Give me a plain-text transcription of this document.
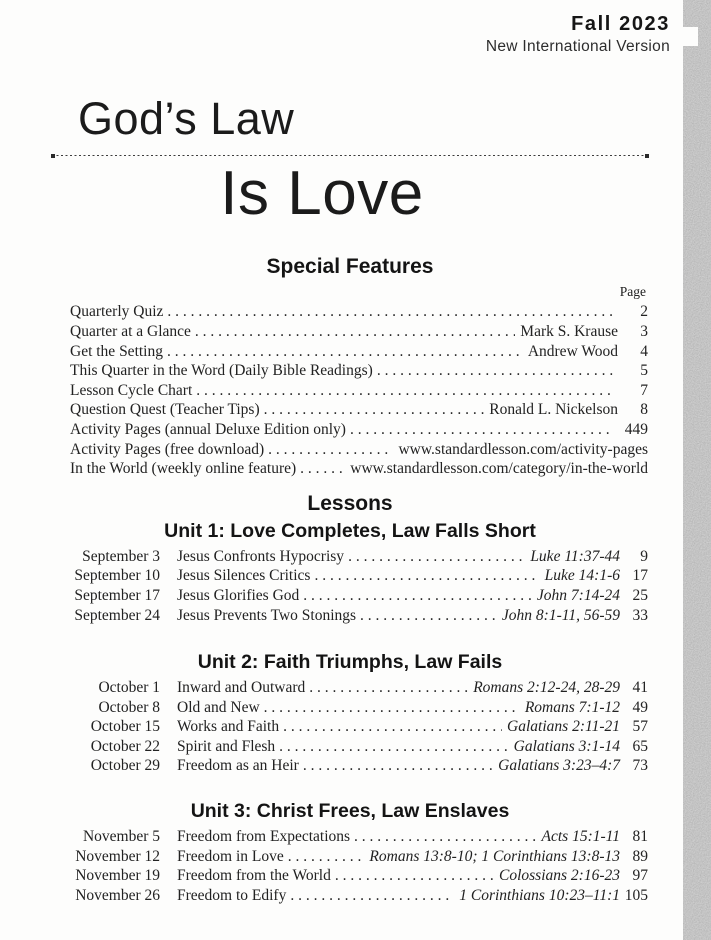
Fall 2023
New International Version
God’s Law
Is Love
Special Features
Page
Quarterly Quiz . . .	2
Quarter at a Glance . . .	Mark S. Krause	3
Get the Setting . . .	Andrew Wood	4
This Quarter in the Word (Daily Bible Readings) . . .	5
Lesson Cycle Chart . . .	7
Question Quest (Teacher Tips) . . .	Ronald L. Nickelson	8
Activity Pages (annual Deluxe Edition only) . . .	449
Activity Pages (free download) . . .	www.standardlesson.com/activity-pages
In the World (weekly online feature) . . .	www.standardlesson.com/category/in-the-world
Lessons
Unit 1: Love Completes, Law Falls Short
September 3 Jesus Confronts Hypocrisy . . .	Luke 11:37-44	9
September 10 Jesus Silences Critics . . .	Luke 14:1-6 17
September 17 Jesus Glorifies God . . .	John 7:14-24 25
September 24 Jesus Prevents Two Stonings . . .	John 8:1-11, 56-59 33
Unit 2: Faith Triumphs, Law Fails
October 1 Inward and Outward . . .	Romans 2:12-24, 28-29 41
October 8 Old and New . . .	Romans 7:1-12 49
October 15 Works and Faith . . .	Galatians 2:11-21 57
October 22 Spirit and Flesh . . .	Galatians 3:1-14 65
October 29 Freedom as an Heir . . .	Galatians 3:23–4:7 73
Unit 3: Christ Frees, Law Enslaves
November 5 Freedom from Expectations . . .	Acts 15:1-11 81
November 12 Freedom in Love . . .	Romans 13:8-10; 1 Corinthians 13:8-13 89
November 19 Freedom from the World . . .	Colossians 2:16-23 97
November 26 Freedom to Edify . . .	1 Corinthians 10:23–11:1 105
